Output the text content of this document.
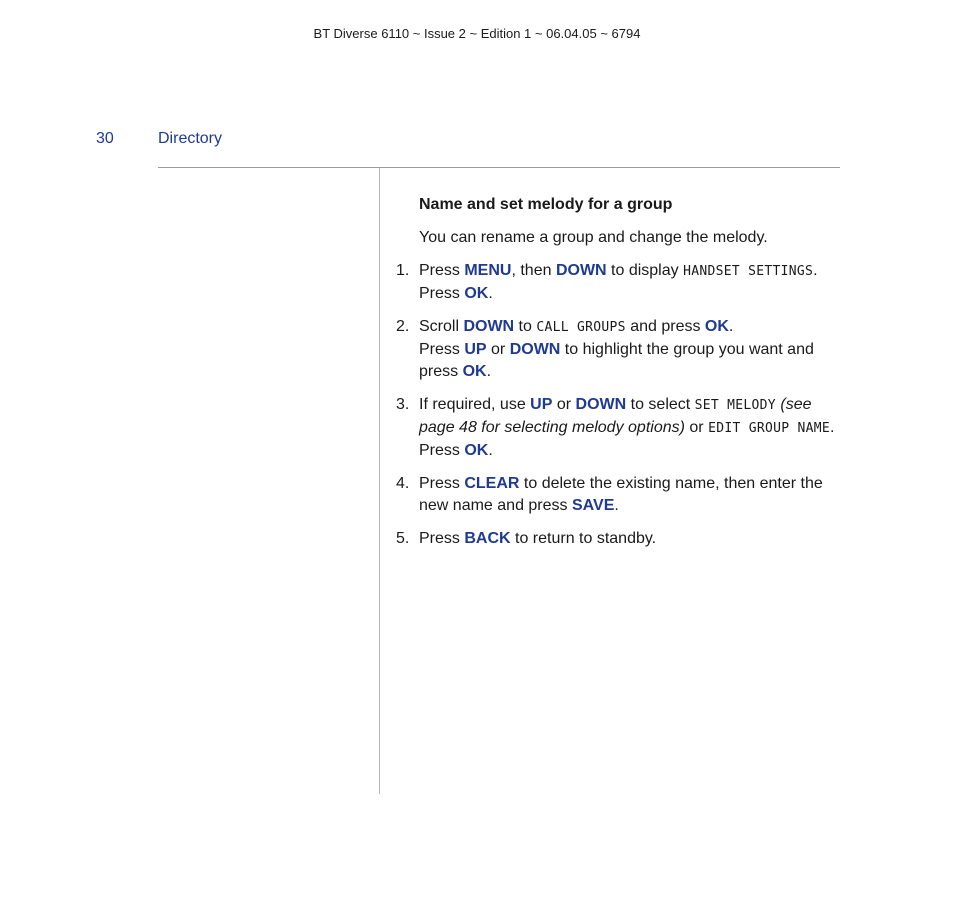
BT Diverse 6110 ~ Issue 2 ~ Edition 1 ~ 06.04.05 ~ 6794
30	Directory

Name and set melody for a group

You can rename a group and change the melody.

1. Press MENU, then DOWN to display HANDSET SETTINGS. Press OK.
2. Scroll DOWN to CALL GROUPS and press OK.
Press UP or DOWN to highlight the group you want and press OK.
3. If required, use UP or DOWN to select SET MELODY (see page 48 for selecting melody options) or EDIT GROUP NAME. Press OK.
4. Press CLEAR to delete the existing name, then enter the new name and press SAVE.
5. Press BACK to return to standby.
